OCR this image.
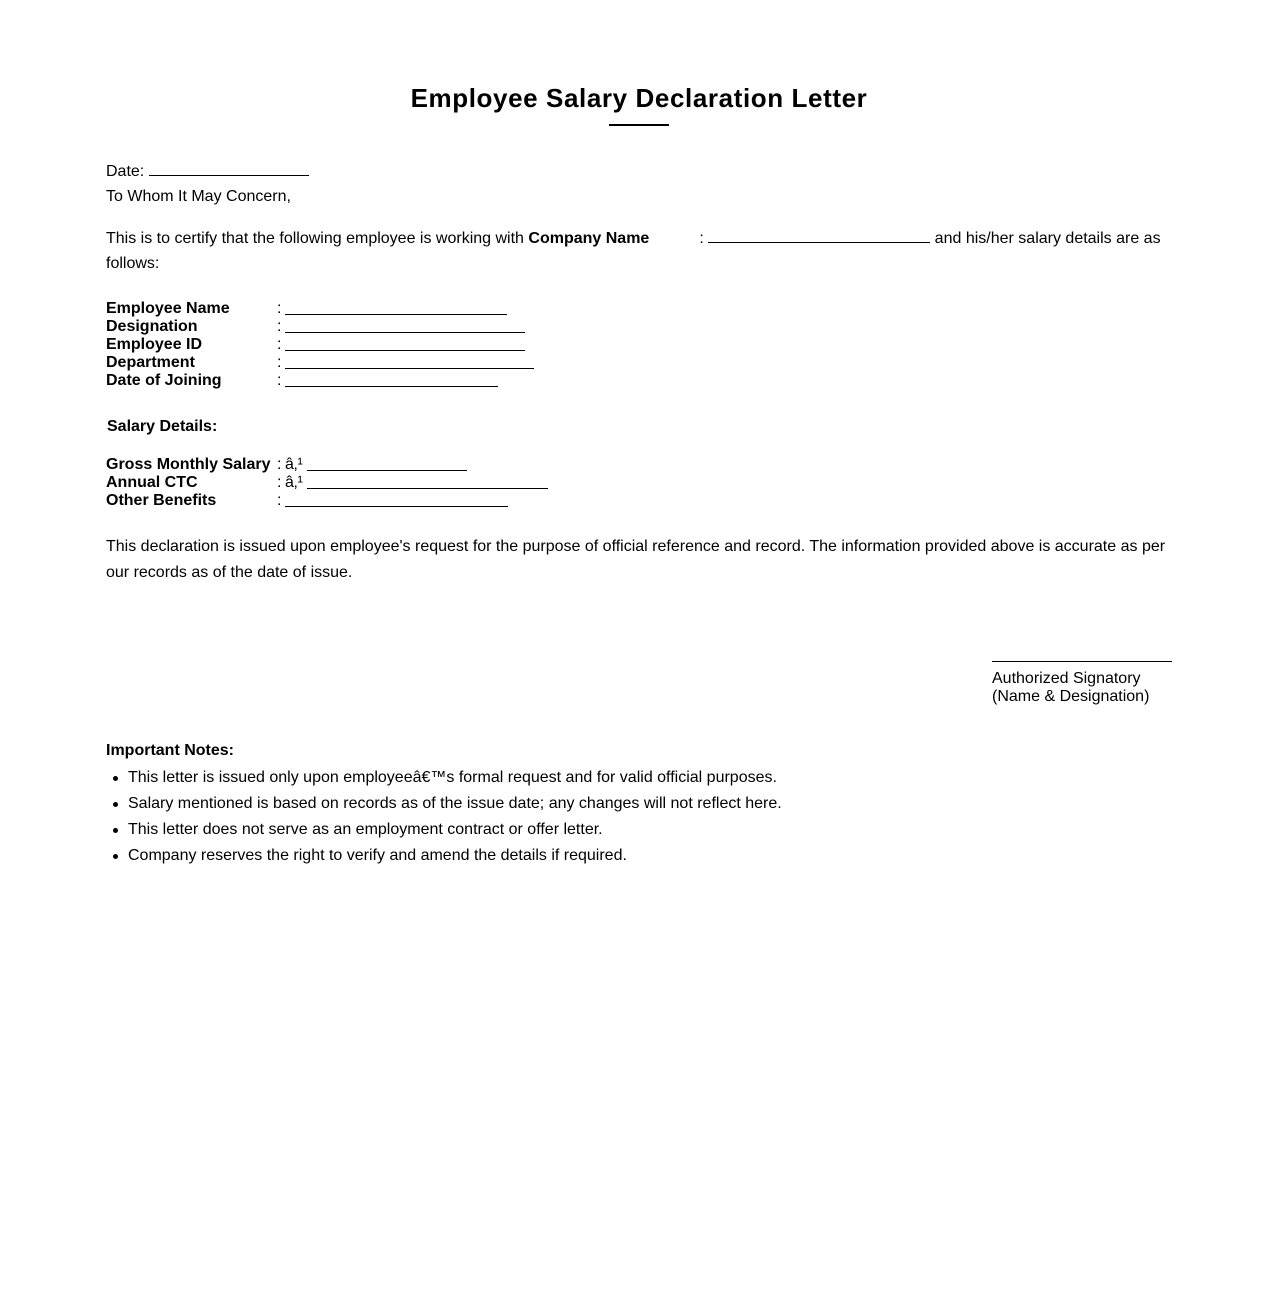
Employee Salary Declaration Letter
Date:
To Whom It May Concern,
This is to certify that the following employee is working with Company Name	:	and his/her salary details are as
follows:
Employee Name	:
Designation	:
Employee ID	:
Department	:
Date of Joining	:
Salary Details:
Gross Monthly Salary : â‚¹
Annual CTC	: â‚¹
Other Benefits	:
This declaration is issued upon employee's request for the purpose of official reference and record. The information provided above is accurate as per
our records as of the date of issue.
Authorized Signatory
(Name & Designation)
Important Notes:
This letter is issued only upon employeeâ€™s formal request and for valid official purposes.
Salary mentioned is based on records as of the issue date; any changes will not reflect here.
This letter does not serve as an employment contract or offer letter.
Company reserves the right to verify and amend the details if required.
